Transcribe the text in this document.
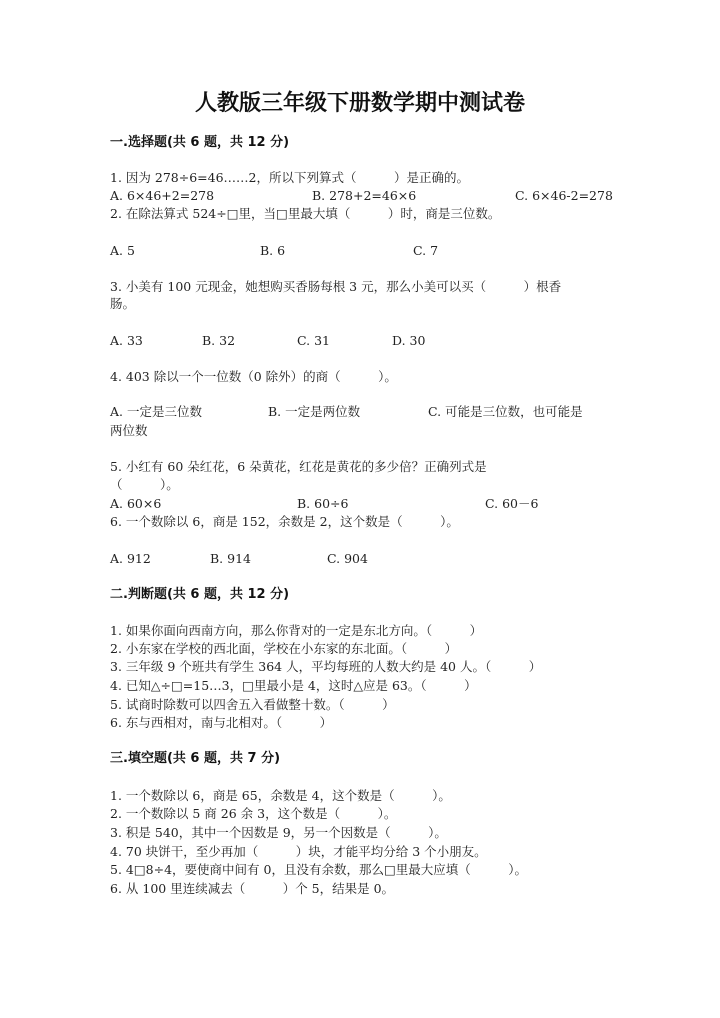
人教版三年级下册数学期中测试卷
一.选择题(共 6 题，共 12 分)
1. 因为 278÷6=46……2，所以下列算式（　　　）是正确的。
A. 6×46+2=278	B. 278+2=46×6	C. 6×46-2=278
2. 在除法算式 524÷□里，当□里最大填（　　　）时，商是三位数。
A. 5	B. 6	C. 7
3. 小美有 100 元现金，她想购买香肠每根 3 元，那么小美可以买（　　　）根香
肠。
A. 33	B. 32	C. 31	D. 30
4. 403 除以一个一位数（0 除外）的商（　　　）。
A. 一定是三位数	B. 一定是两位数	C. 可能是三位数，也可能是
两位数
5. 小红有 60 朵红花，6 朵黄花，红花是黄花的多少倍？正确列式是
（　　　）。
A. 60×6	B. 60÷6	C. 60－6
6. 一个数除以 6，商是 152，余数是 2，这个数是（　　　）。
A. 912	B. 914	C. 904
二.判断题(共 6 题，共 12 分)
1. 如果你面向西南方向，那么你背对的一定是东北方向。（　　　）
2. 小东家在学校的西北面，学校在小东家的东北面。（　　　）
3. 三年级 9 个班共有学生 364 人，平均每班的人数大约是 40 人。（　　　）
4. 已知△÷□=15…3，□里最小是 4，这时△应是 63。（　　　）
5. 试商时除数可以四舍五入看做整十数。（　　　）
6. 东与西相对，南与北相对。（　　　）
三.填空题(共 6 题，共 7 分)
1. 一个数除以 6，商是 65，余数是 4，这个数是（　　　）。
2. 一个数除以 5 商 26 余 3，这个数是（　　　）。
3. 积是 540，其中一个因数是 9，另一个因数是（　　　）。
4. 70 块饼干，至少再加（　　　）块，才能平均分给 3 个小朋友。
5. 4□8÷4，要使商中间有 0，且没有余数，那么□里最大应填（　　　）。
6. 从 100 里连续减去（　　　）个 5，结果是 0。
